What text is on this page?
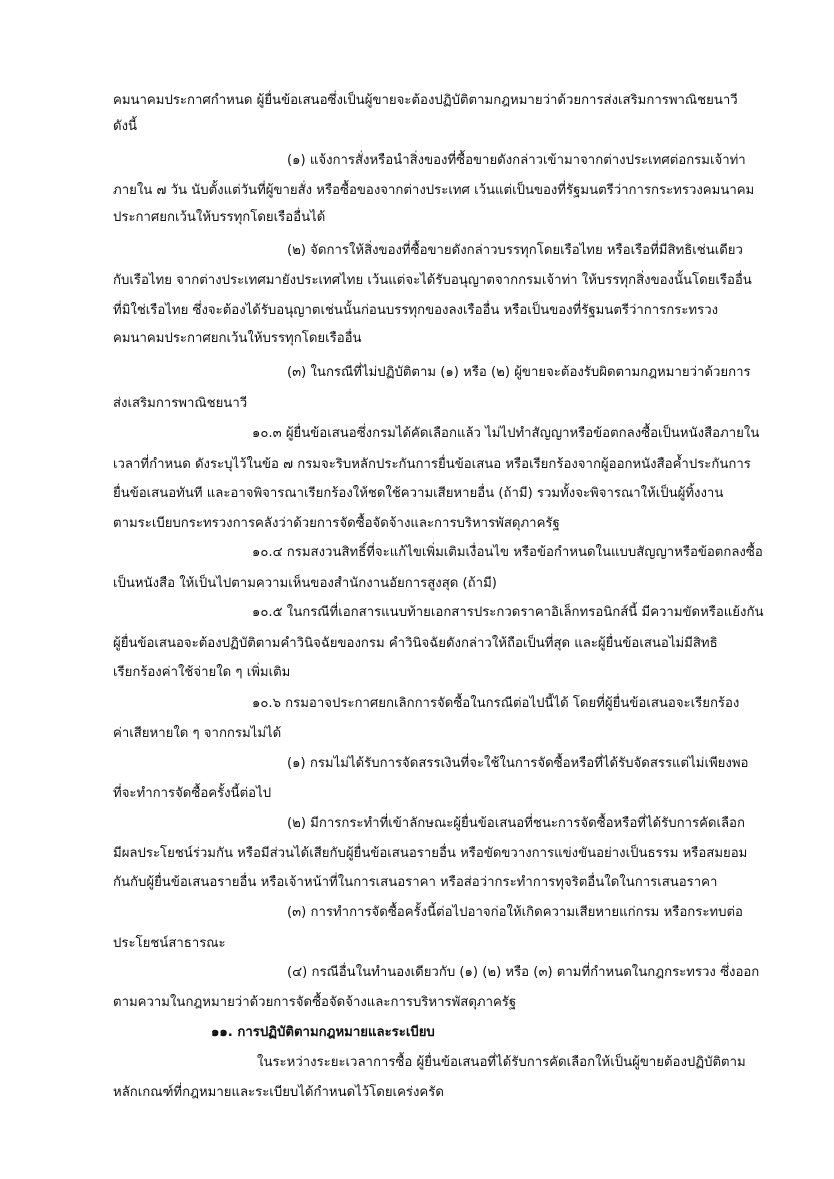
คมนาคมประกาศกำหนด ผู้ยื่นข้อเสนอซึ่งเป็นผู้ขายจะต้องปฏิบัติตามกฎหมายว่าด้วยการส่งเสริมการพาณิชยนาวี
ดังนี้
(๑) แจ้งการสั่งหรือนำสิ่งของที่ซื้อขายดังกล่าวเข้ามาจากต่างประเทศต่อกรมเจ้าท่า
ภายใน ๗ วัน นับตั้งแต่วันที่ผู้ขายสั่ง หรือซื้อของจากต่างประเทศ เว้นแต่เป็นของที่รัฐมนตรีว่าการกระทรวงคมนาคม
ประกาศยกเว้นให้บรรทุกโดยเรืออื่นได้
(๒) จัดการให้สิ่งของที่ซื้อขายดังกล่าวบรรทุกโดยเรือไทย หรือเรือที่มีสิทธิเช่นเดียว
กับเรือไทย จากต่างประเทศมายังประเทศไทย เว้นแต่จะได้รับอนุญาตจากกรมเจ้าท่า ให้บรรทุกสิ่งของนั้นโดยเรืออื่น
ที่มิใช่เรือไทย ซึ่งจะต้องได้รับอนุญาตเช่นนั้นก่อนบรรทุกของลงเรืออื่น หรือเป็นของที่รัฐมนตรีว่าการกระทรวง
คมนาคมประกาศยกเว้นให้บรรทุกโดยเรืออื่น
(๓) ในกรณีที่ไม่ปฏิบัติตาม (๑) หรือ (๒) ผู้ขายจะต้องรับผิดตามกฎหมายว่าด้วยการ
ส่งเสริมการพาณิชยนาวี
๑๐.๓ ผู้ยื่นข้อเสนอซึ่งกรมได้คัดเลือกแล้ว ไม่ไปทำสัญญาหรือข้อตกลงซื้อเป็นหนังสือภายใน
เวลาที่กำหนด ดังระบุไว้ในข้อ ๗ กรมจะริบหลักประกันการยื่นข้อเสนอ หรือเรียกร้องจากผู้ออกหนังสือค้ำประกันการ
ยื่นข้อเสนอทันที และอาจพิจารณาเรียกร้องให้ชดใช้ความเสียหายอื่น (ถ้ามี) รวมทั้งจะพิจารณาให้เป็นผู้ทิ้งงาน
ตามระเบียบกระทรวงการคลังว่าด้วยการจัดซื้อจัดจ้างและการบริหารพัสดุภาครัฐ
๑๐.๔ กรมสงวนสิทธิ์ที่จะแก้ไขเพิ่มเติมเงื่อนไข หรือข้อกำหนดในแบบสัญญาหรือข้อตกลงซื้อ
เป็นหนังสือ ให้เป็นไปตามความเห็นของสำนักงานอัยการสูงสุด (ถ้ามี)
๑๐.๕ ในกรณีที่เอกสารแนบท้ายเอกสารประกวดราคาอิเล็กทรอนิกส์นี้ มีความขัดหรือแย้งกัน
ผู้ยื่นข้อเสนอจะต้องปฏิบัติตามคำวินิจฉัยของกรม คำวินิจฉัยดังกล่าวให้ถือเป็นที่สุด และผู้ยื่นข้อเสนอไม่มีสิทธิ
เรียกร้องค่าใช้จ่ายใด ๆ เพิ่มเติม
๑๐.๖ กรมอาจประกาศยกเลิกการจัดซื้อในกรณีต่อไปนี้ได้ โดยที่ผู้ยื่นข้อเสนอจะเรียกร้อง
ค่าเสียหายใด ๆ จากกรมไม่ได้
(๑) กรมไม่ได้รับการจัดสรรเงินที่จะใช้ในการจัดซื้อหรือที่ได้รับจัดสรรแต่ไม่เพียงพอ
ที่จะทำการจัดซื้อครั้งนี้ต่อไป
(๒) มีการกระทำที่เข้าลักษณะผู้ยื่นข้อเสนอที่ชนะการจัดซื้อหรือที่ได้รับการคัดเลือก
มีผลประโยชน์ร่วมกัน หรือมีส่วนได้เสียกับผู้ยื่นข้อเสนอรายอื่น หรือขัดขวางการแข่งขันอย่างเป็นธรรม หรือสมยอม
กันกับผู้ยื่นข้อเสนอรายอื่น หรือเจ้าหน้าที่ในการเสนอราคา หรือส่อว่ากระทำการทุจริตอื่นใดในการเสนอราคา
(๓) การทำการจัดซื้อครั้งนี้ต่อไปอาจก่อให้เกิดความเสียหายแก่กรม หรือกระทบต่อ
ประโยชน์สาธารณะ
(๔) กรณีอื่นในทำนองเดียวกับ (๑) (๒) หรือ (๓) ตามที่กำหนดในกฎกระทรวง ซึ่งออก
ตามความในกฎหมายว่าด้วยการจัดซื้อจัดจ้างและการบริหารพัสดุภาครัฐ
๑๑. การปฏิบัติตามกฎหมายและระเบียบ
ในระหว่างระยะเวลาการซื้อ ผู้ยื่นข้อเสนอที่ได้รับการคัดเลือกให้เป็นผู้ขายต้องปฏิบัติตาม
หลักเกณฑ์ที่กฎหมายและระเบียบได้กำหนดไว้โดยเคร่งครัด
